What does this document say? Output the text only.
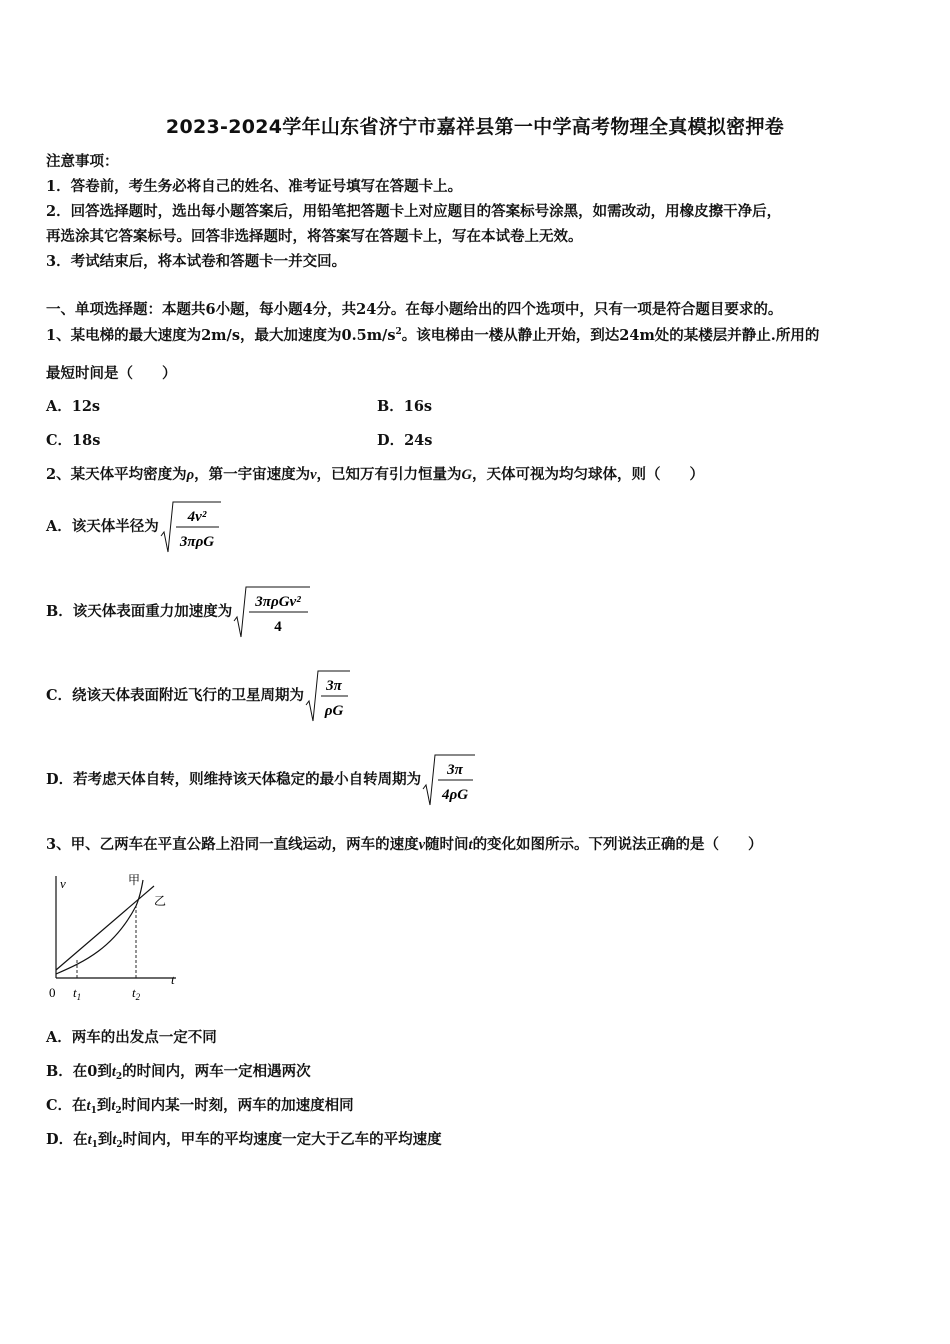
2023-2024学年山东省济宁市嘉祥县第一中学高考物理全真模拟密押卷
注意事项：
1．答卷前，考生务必将自己的姓名、准考证号填写在答题卡上。
2．回答选择题时，选出每小题答案后，用铅笔把答题卡上对应题目的答案标号涂黑，如需改动，用橡皮擦干净后，
再选涂其它答案标号。回答非选择题时，将答案写在答题卡上，写在本试卷上无效。
3．考试结束后，将本试卷和答题卡一并交回。
一、单项选择题：本题共6小题，每小题4分，共24分。在每小题给出的四个选项中，只有一项是符合题目要求的。
1、某电梯的最大速度为2m/s，最大加速度为$0.5m/s^2$。该电梯由一楼从静止开始，到达24m处的某楼层并静止.所用的
最短时间是（　　）
A．12s	B．16s
C．18s	D．24s
2、某天体平均密度为ρ，第一宇宙速度为v，已知万有引力恒量为G，天体可视为均匀球体，则（　　）
A．该天体半径为
4v²
3πρG
B．该天体表面重力加速度为
3πρGv²
4
C．绕该天体表面附近飞行的卫星周期为
3π
ρG
D．若考虑天体自转，则维持该天体稳定的最小自转周期为
3π
4ρG
3、甲、乙两车在平直公路上沿同一直线运动，两车的速度v随时间t的变化如图所示。下列说法正确的是（　　）
v
t
0 $t_1$	$t_2$
甲
乙
A．两车的出发点一定不同
B．在0到$t_2$的时间内，两车一定相遇两次
C．在$t_1$到$t_2$时间内某一时刻，两车的加速度相同
D．在$t_1$到$t_2$时间内，甲车的平均速度一定大于乙车的平均速度
